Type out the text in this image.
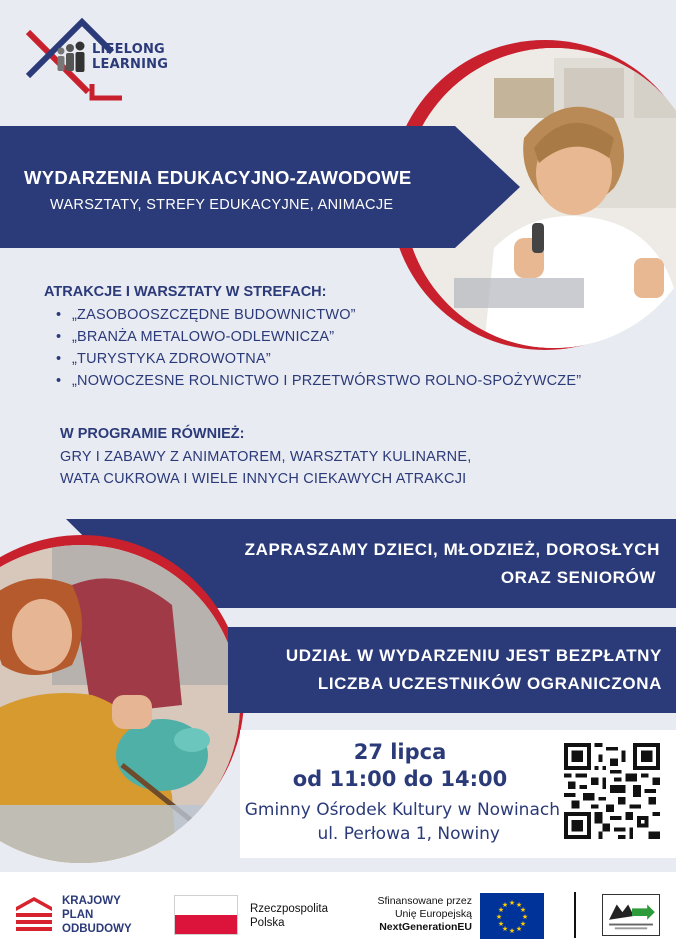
LIFELONG
LEARNING
WYDARZENIA EDUKACYJNO-ZAWODOWE
WARSZTATY, STREFY EDUKACYJNE, ANIMACJE
ATRAKCJE I WARSZTATY W STREFACH:
• „ZASOBOOSZCZĘDNE BUDOWNICTWO”
• „BRANŻA METALOWO-ODLEWNICZA”
• „TURYSTYKA ZDROWOTNA”
• „NOWOCZESNE ROLNICTWO I PRZETWÓRSTWO ROLNO-SPOŻYWCZE”
W PROGRAMIE RÓWNIEŻ:
GRY I ZABAWY Z ANIMATOREM, WARSZTATY KULINARNE,
WATA CUKROWA I WIELE INNYCH CIEKAWYCH ATRAKCJI
ZAPRASZAMY DZIECI, MŁODZIEŻ, DOROSŁYCH
ORAZ SENIORÓW
UDZIAŁ W WYDARZENIU JEST BEZPŁATNY
LICZBA UCZESTNIKÓW OGRANICZONA
27 lipca
od 11:00 do 14:00
Gminny Ośrodek Kultury w Nowinach
ul. Perłowa 1, Nowiny
KRAJOWY
PLAN
ODBUDOWY
Rzeczpospolita
Polska
Sfinansowane przez
Unię Europejską
NextGenerationEU
★ ★
★
★
★
★
★
★
★
★
★
★
